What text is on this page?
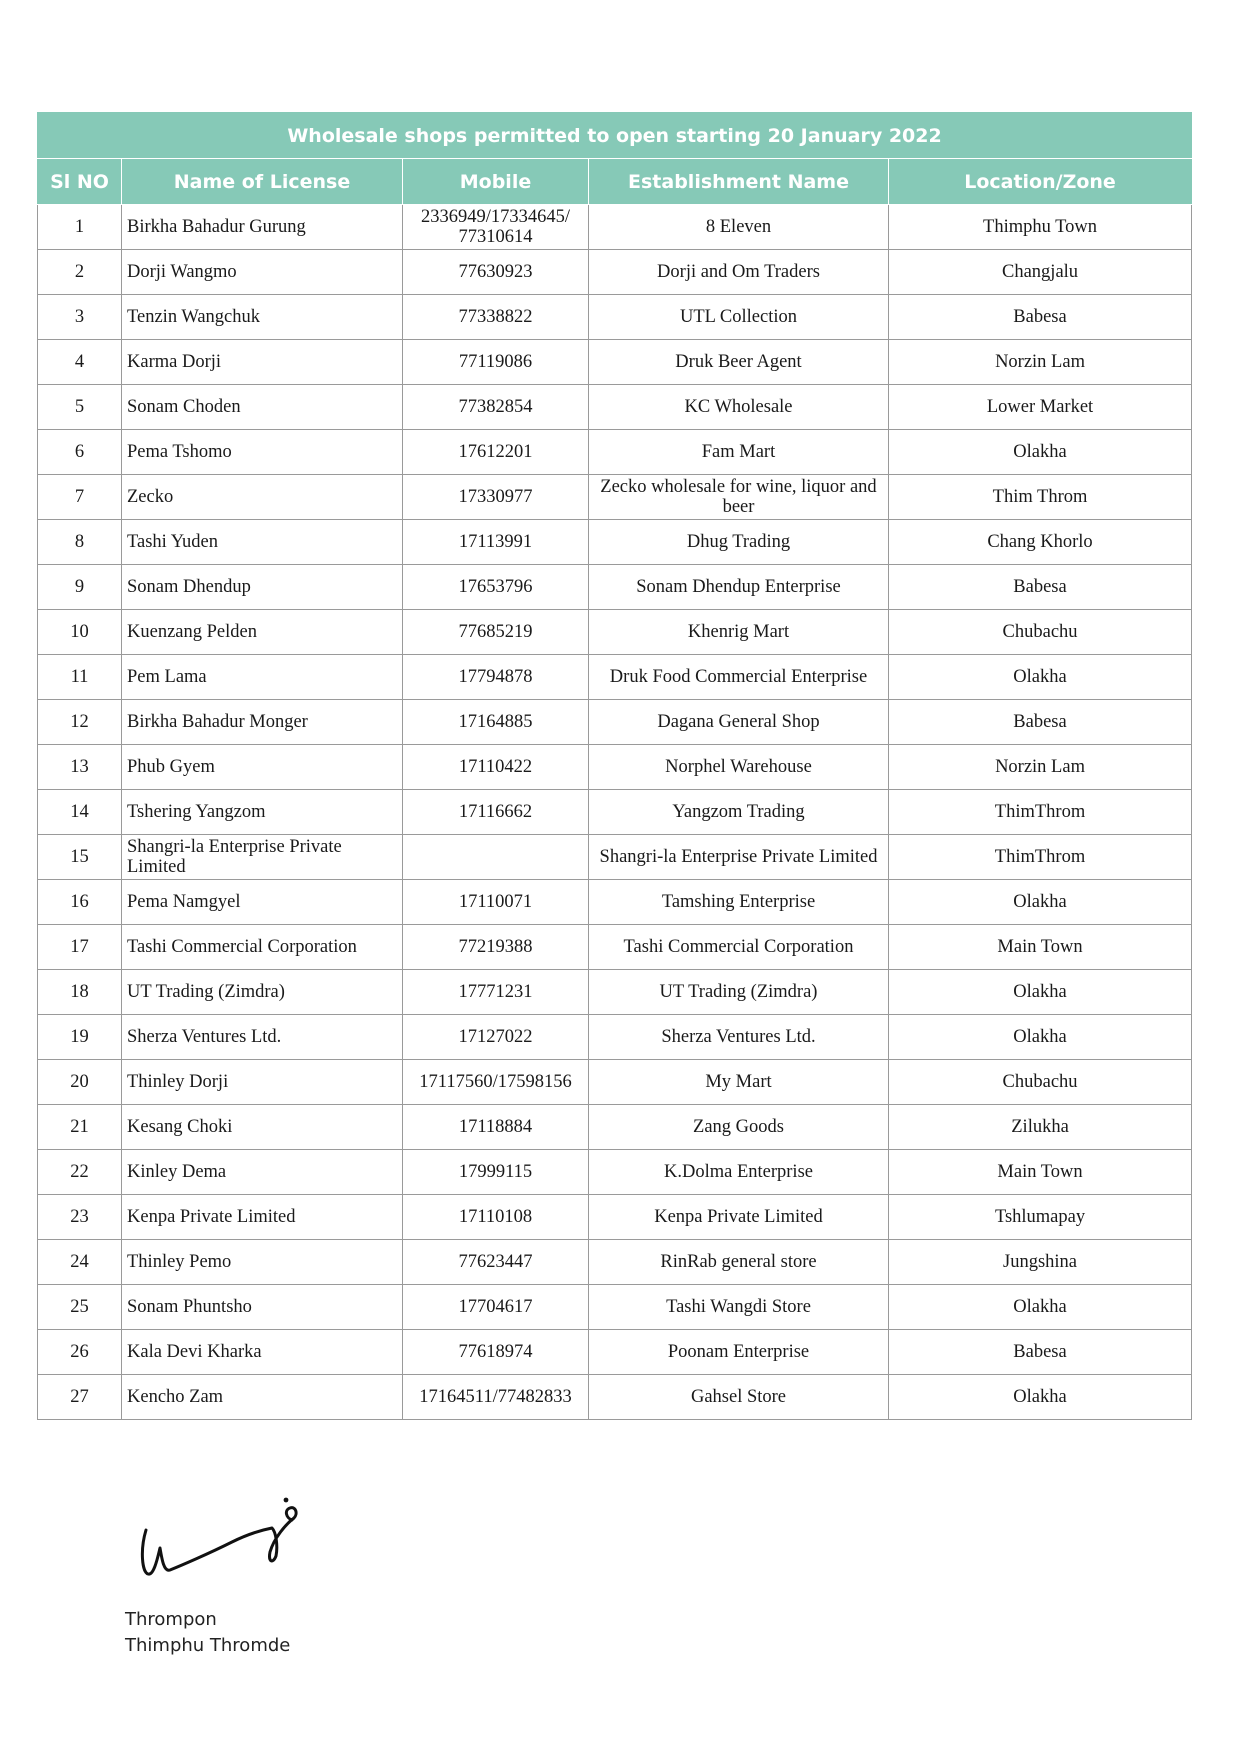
Wholesale shops permitted to open starting 20 January 2022				
Sl NO	Name of License	Mobile	Establishment Name	Location/Zone
1	Birkha Bahadur Gurung	2336949/17334645/ 77310614	8 Eleven	Thimphu Town
2	Dorji Wangmo	77630923	Dorji and Om Traders	Changjalu
3	Tenzin Wangchuk	77338822	UTL Collection	Babesa
4	Karma Dorji	77119086	Druk Beer Agent	Norzin Lam
5	Sonam Choden	77382854	KC Wholesale	Lower Market
6	Pema Tshomo	17612201	Fam Mart	Olakha
7	Zecko	17330977	Zecko wholesale for wine, liquor and beer	Thim Throm
8	Tashi Yuden	17113991	Dhug Trading	Chang Khorlo
9	Sonam Dhendup	17653796	Sonam Dhendup Enterprise	Babesa
10	Kuenzang Pelden	77685219	Khenrig Mart	Chubachu
11	Pem Lama	17794878	Druk Food Commercial Enterprise	Olakha
12	Birkha Bahadur Monger	17164885	Dagana General Shop	Babesa
13	Phub Gyem	17110422	Norphel Warehouse	Norzin Lam
14	Tshering Yangzom	17116662	Yangzom Trading	ThimThrom
15	Shangri-la Enterprise Private Limited		Shangri-la Enterprise Private Limited	ThimThrom
16	Pema Namgyel	17110071	Tamshing Enterprise	Olakha
17	Tashi Commercial Corporation	77219388	Tashi Commercial Corporation	Main Town
18	UT Trading (Zimdra)	17771231	UT Trading (Zimdra)	Olakha
19	Sherza Ventures Ltd.	17127022	Sherza Ventures Ltd.	Olakha
20	Thinley Dorji	17117560/17598156	My Mart	Chubachu
21	Kesang Choki	17118884	Zang Goods	Zilukha
22	Kinley Dema	17999115	K.Dolma Enterprise	Main Town
23	Kenpa Private Limited	17110108	Kenpa Private Limited	Tshlumapay
24	Thinley Pemo	77623447	RinRab general store	Jungshina
25	Sonam Phuntsho	17704617	Tashi Wangdi Store	Olakha
26	Kala Devi Kharka	77618974	Poonam Enterprise	Babesa
27	Kencho Zam	17164511/77482833	Gahsel Store	Olakha
Thrompon
Thimphu Thromde
